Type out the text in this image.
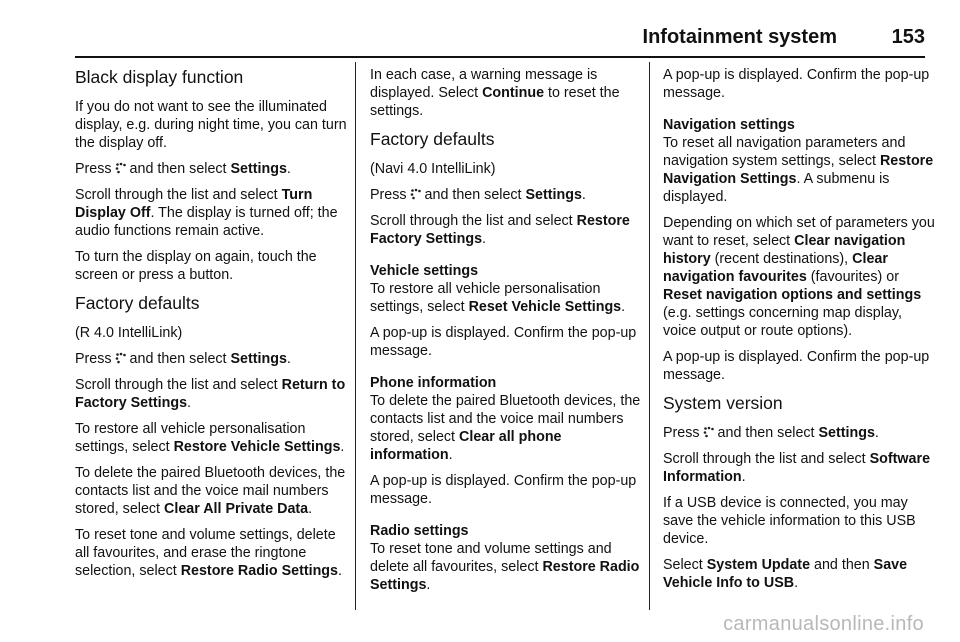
Infotainment system	153
Black display function

If you do not want to see the illuminated display, e.g. during night time, you can turn the display off.

Press and then select Settings.

Scroll through the list and select Turn Display Off. The display is turned off; the audio functions remain active.

To turn the display on again, touch the screen or press a button.

Factory defaults

(R 4.0 IntelliLink)

Press and then select Settings.

Scroll through the list and select Return to Factory Settings.

To restore all vehicle personalisation settings, select Restore Vehicle Settings.

To delete the paired Bluetooth devices, the contacts list and the voice mail numbers stored, select Clear All Private Data.

To reset tone and volume settings, delete all favourites, and erase the ringtone selection, select Restore Radio Settings.

In each case, a warning message is displayed. Select Continue to reset the settings.

Factory defaults

(Navi 4.0 IntelliLink)

Press and then select Settings.

Scroll through the list and select Restore Factory Settings.

Vehicle settings

To restore all vehicle personalisation settings, select Reset Vehicle Settings.

A pop-up is displayed. Confirm the pop-up message.

Phone information

To delete the paired Bluetooth devices, the contacts list and the voice mail numbers stored, select Clear all phone information.

A pop-up is displayed. Confirm the pop-up message.

Radio settings

To reset tone and volume settings and delete all favourites, select Restore Radio Settings.

A pop-up is displayed. Confirm the pop-up message.

Navigation settings

To reset all navigation parameters and navigation system settings, select Restore Navigation Settings. A submenu is displayed.

Depending on which set of parameters you want to reset, select Clear navigation history (recent destinations), Clear navigation favourites (favourites) or Reset navigation options and settings (e.g. settings concerning map display, voice output or route options).

A pop-up is displayed. Confirm the pop-up message.

System version

Press and then select Settings.

Scroll through the list and select Software Information.

If a USB device is connected, you may save the vehicle information to this USB device.

Select System Update and then Save Vehicle Info to USB.

carmanualsonline.info
